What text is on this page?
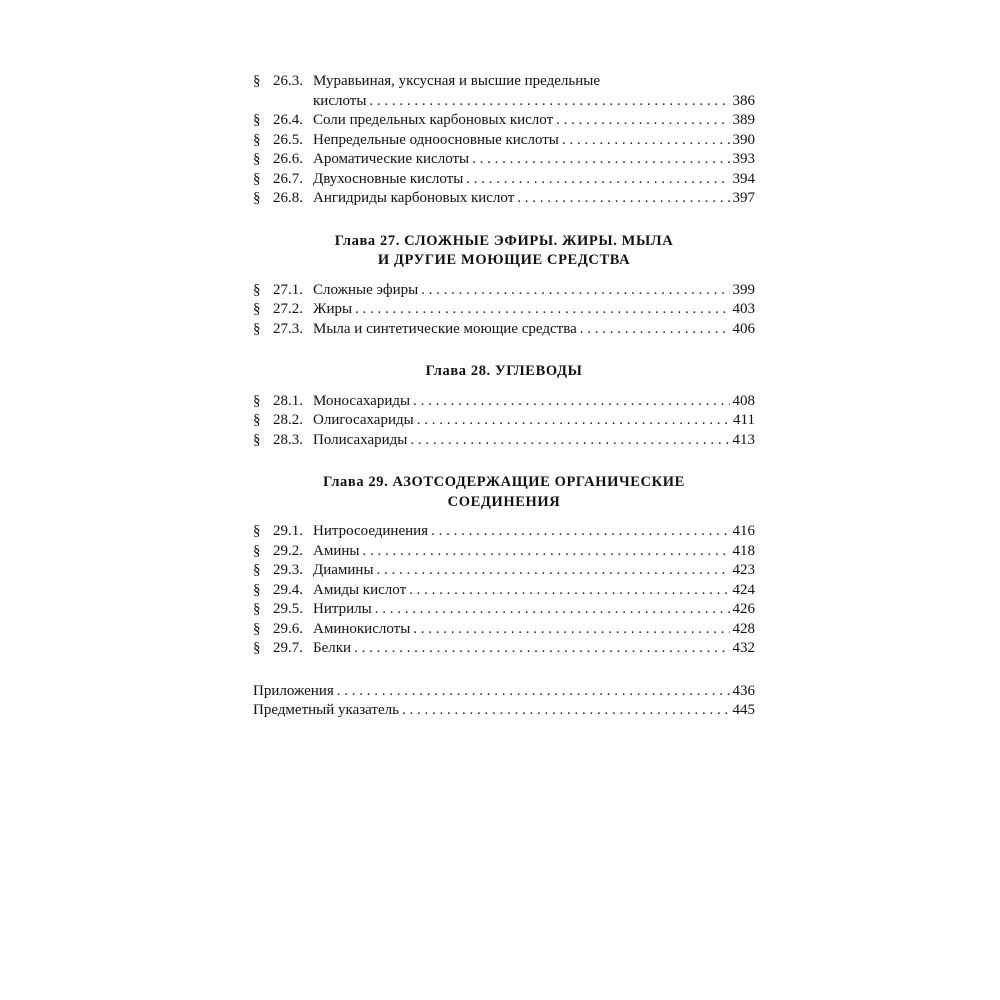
§ 26.3. Муравьиная, уксусная и высшие предельные
кислоты . . .	386
§ 26.4. Соли предельных карбоновых кислот . . .	389
§ 26.5. Непредельные одноосновные кислоты . . .	390
§ 26.6. Ароматические кислоты . . .	393
§ 26.7. Двухосновные кислоты . . .	394
§ 26.8. Ангидриды карбоновых кислот . . .	397
Глава 27. СЛОЖНЫЕ ЭФИРЫ. ЖИРЫ. МЫЛА
И ДРУГИЕ МОЮЩИЕ СРЕДСТВА
§ 27.1. Сложные эфиры . . .	399
§ 27.2. Жиры . . .	403
§ 27.3. Мыла и синтетические моющие средства . . .	406
Глава 28. УГЛЕВОДЫ
§ 28.1. Моносахариды . . .	408
§ 28.2. Олигосахариды . . .	411
§ 28.3. Полисахариды . . .	413
Глава 29. АЗОТСОДЕРЖАЩИЕ ОРГАНИЧЕСКИЕ
СОЕДИНЕНИЯ
§ 29.1. Нитросоединения . . .	416
§ 29.2. Амины . . .	418
§ 29.3. Диамины . . .	423
§ 29.4. Амиды кислот . . .	424
§ 29.5. Нитрилы . . .	426
§ 29.6. Аминокислоты . . .	428
§ 29.7. Белки . . .	432
Приложения . . .	436
Предметный указатель . . .	445
